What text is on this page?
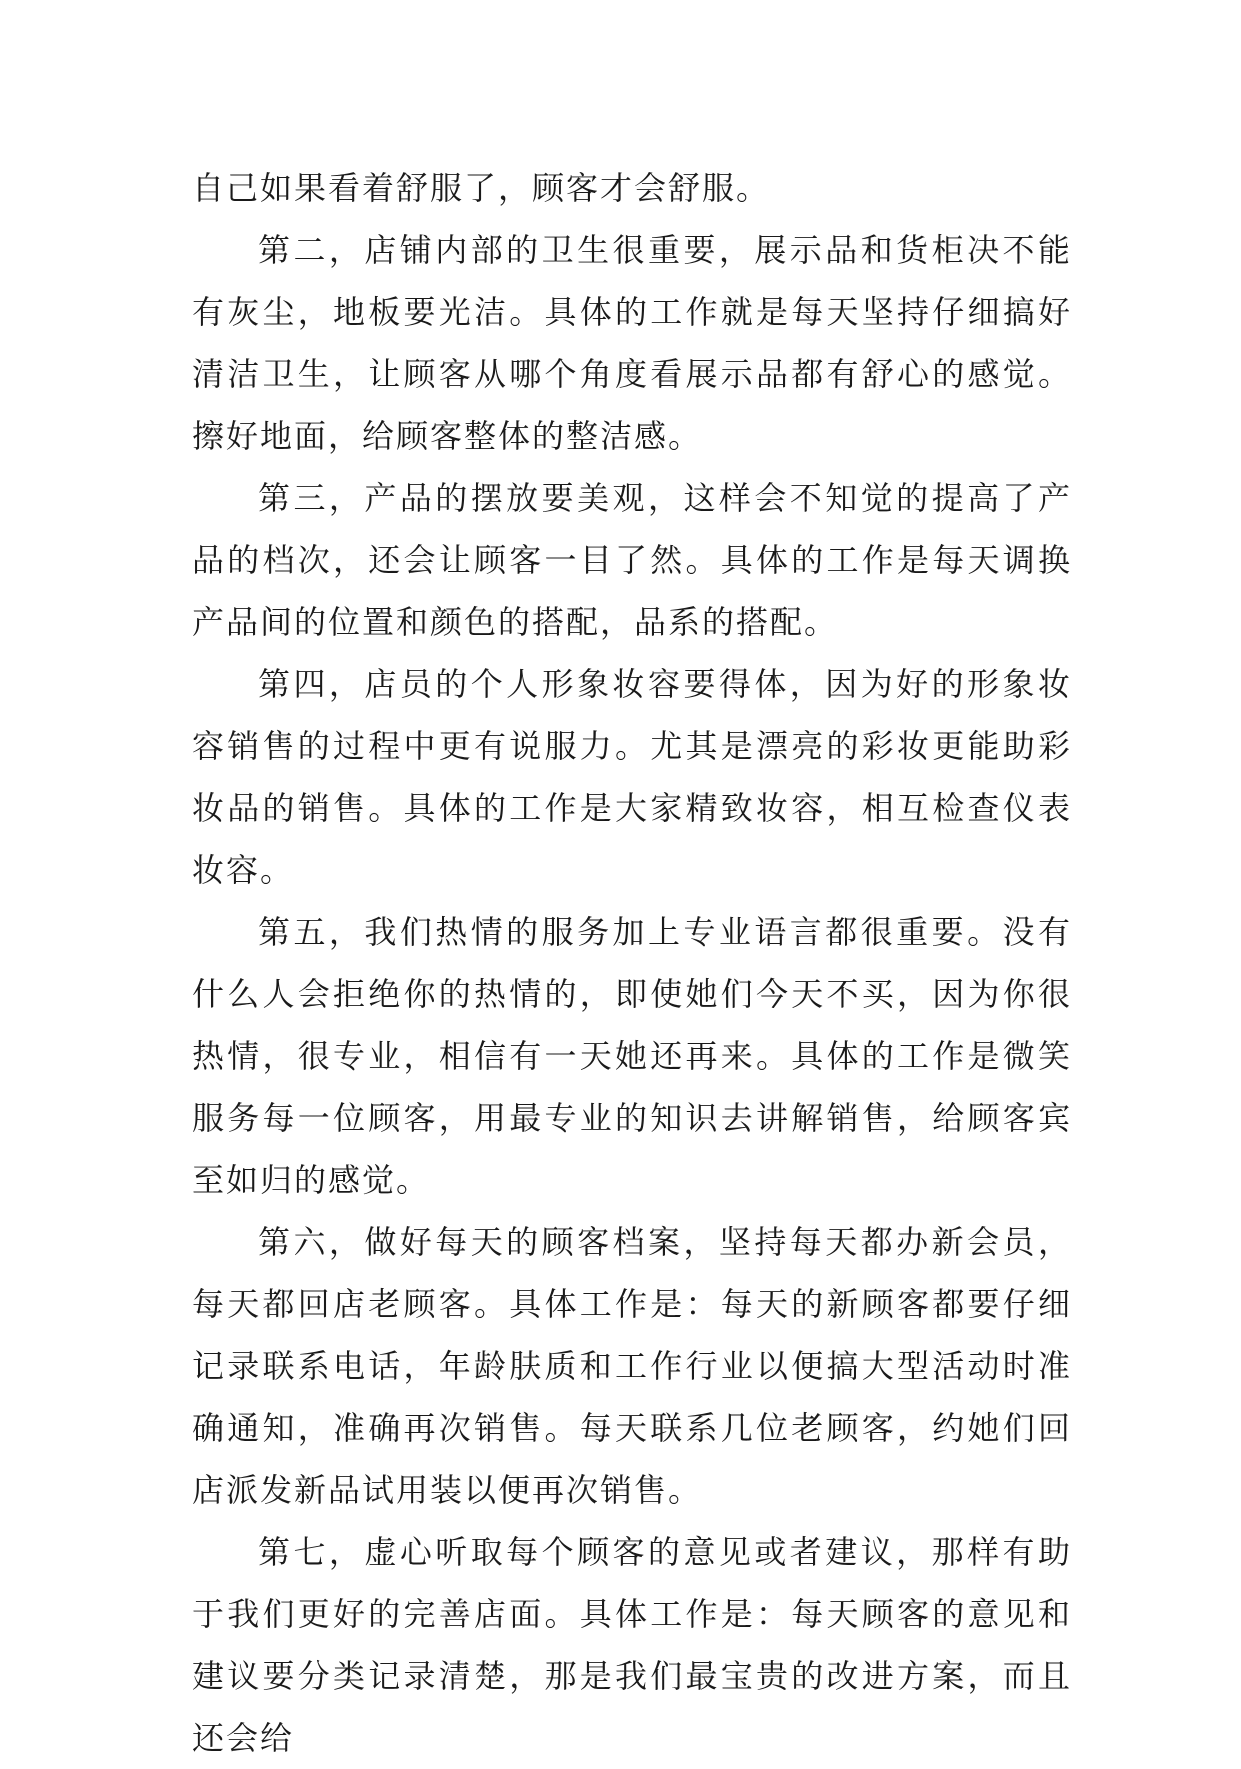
自己如果看着舒服了，顾客才会舒服。

第二，店铺内部的卫生很重要，展示品和货柜决不能有灰尘，地板要光洁。具体的工作就是每天坚持仔细搞好清洁卫生，让顾客从哪个角度看展示品都有舒心的感觉。擦好地面，给顾客整体的整洁感。

第三，产品的摆放要美观，这样会不知觉的提高了产品的档次，还会让顾客一目了然。具体的工作是每天调换产品间的位置和颜色的搭配，品系的搭配。

第四，店员的个人形象妆容要得体，因为好的形象妆容销售的过程中更有说服力。尤其是漂亮的彩妆更能助彩妆品的销售。具体的工作是大家精致妆容，相互检查仪表妆容。

第五，我们热情的服务加上专业语言都很重要。没有什么人会拒绝你的热情的，即使她们今天不买，因为你很热情，很专业，相信有一天她还再来。具体的工作是微笑服务每一位顾客，用最专业的知识去讲解销售，给顾客宾至如归的感觉。

第六，做好每天的顾客档案，坚持每天都办新会员，每天都回店老顾客。具体工作是：每天的新顾客都要仔细记录联系电话，年龄肤质和工作行业以便搞大型活动时准确通知，准确再次销售。每天联系几位老顾客，约她们回店派发新品试用装以便再次销售。

第七，虚心听取每个顾客的意见或者建议，那样有助于我们更好的完善店面。具体工作是：每天顾客的意见和建议要分类记录清楚，那是我们最宝贵的改进方案，而且还会给
